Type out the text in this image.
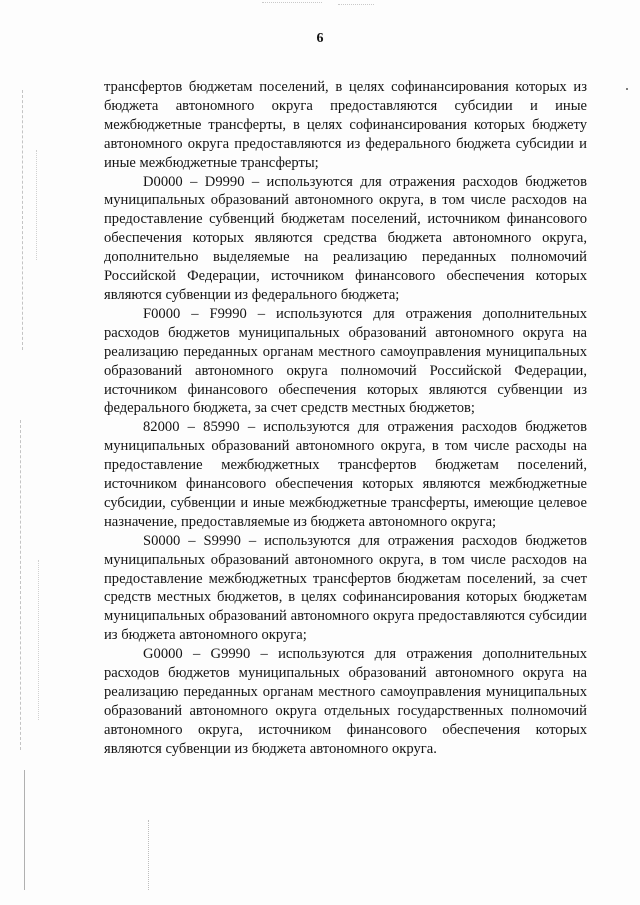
6

трансфертов бюджетам поселений, в целях софинансирования которых из бюджета автономного округа предоставляются субсидии и иные межбюджетные трансферты, в целях софинансирования которых бюджету автономного округа предоставляются из федерального бюджета субсидии и иные межбюджетные трансферты;

D0000 – D9990 – используются для отражения расходов бюджетов муниципальных образований автономного округа, в том числе расходов на предоставление субвенций бюджетам поселений, источником финансового обеспечения которых являются средства бюджета автономного округа, дополнительно выделяемые на реализацию переданных полномочий Российской Федерации, источником финансового обеспечения которых являются субвенции из федерального бюджета;

F0000 – F9990 – используются для отражения дополнительных расходов бюджетов муниципальных образований автономного округа на реализацию переданных органам местного самоуправления муниципальных образований автономного округа полномочий Российской Федерации, источником финансового обеспечения которых являются субвенции из федерального бюджета, за счет средств местных бюджетов;

82000 – 85990 – используются для отражения расходов бюджетов муниципальных образований автономного округа, в том числе расходы на предоставление межбюджетных трансфертов бюджетам поселений, источником финансового обеспечения которых являются межбюджетные субсидии, субвенции и иные межбюджетные трансферты, имеющие целевое назначение, предоставляемые из бюджета автономного округа;

S0000 – S9990 – используются для отражения расходов бюджетов муниципальных образований автономного округа, в том числе расходов на предоставление межбюджетных трансфертов бюджетам поселений, за счет средств местных бюджетов, в целях софинансирования которых бюджетам муниципальных образований автономного округа предоставляются субсидии из бюджета автономного округа;

G0000 – G9990 – используются для отражения дополнительных расходов бюджетов муниципальных образований автономного округа на реализацию переданных органам местного самоуправления муниципальных образований автономного округа отдельных государственных полномочий автономного округа, источником финансового обеспечения которых являются субвенции из бюджета автономного округа.
